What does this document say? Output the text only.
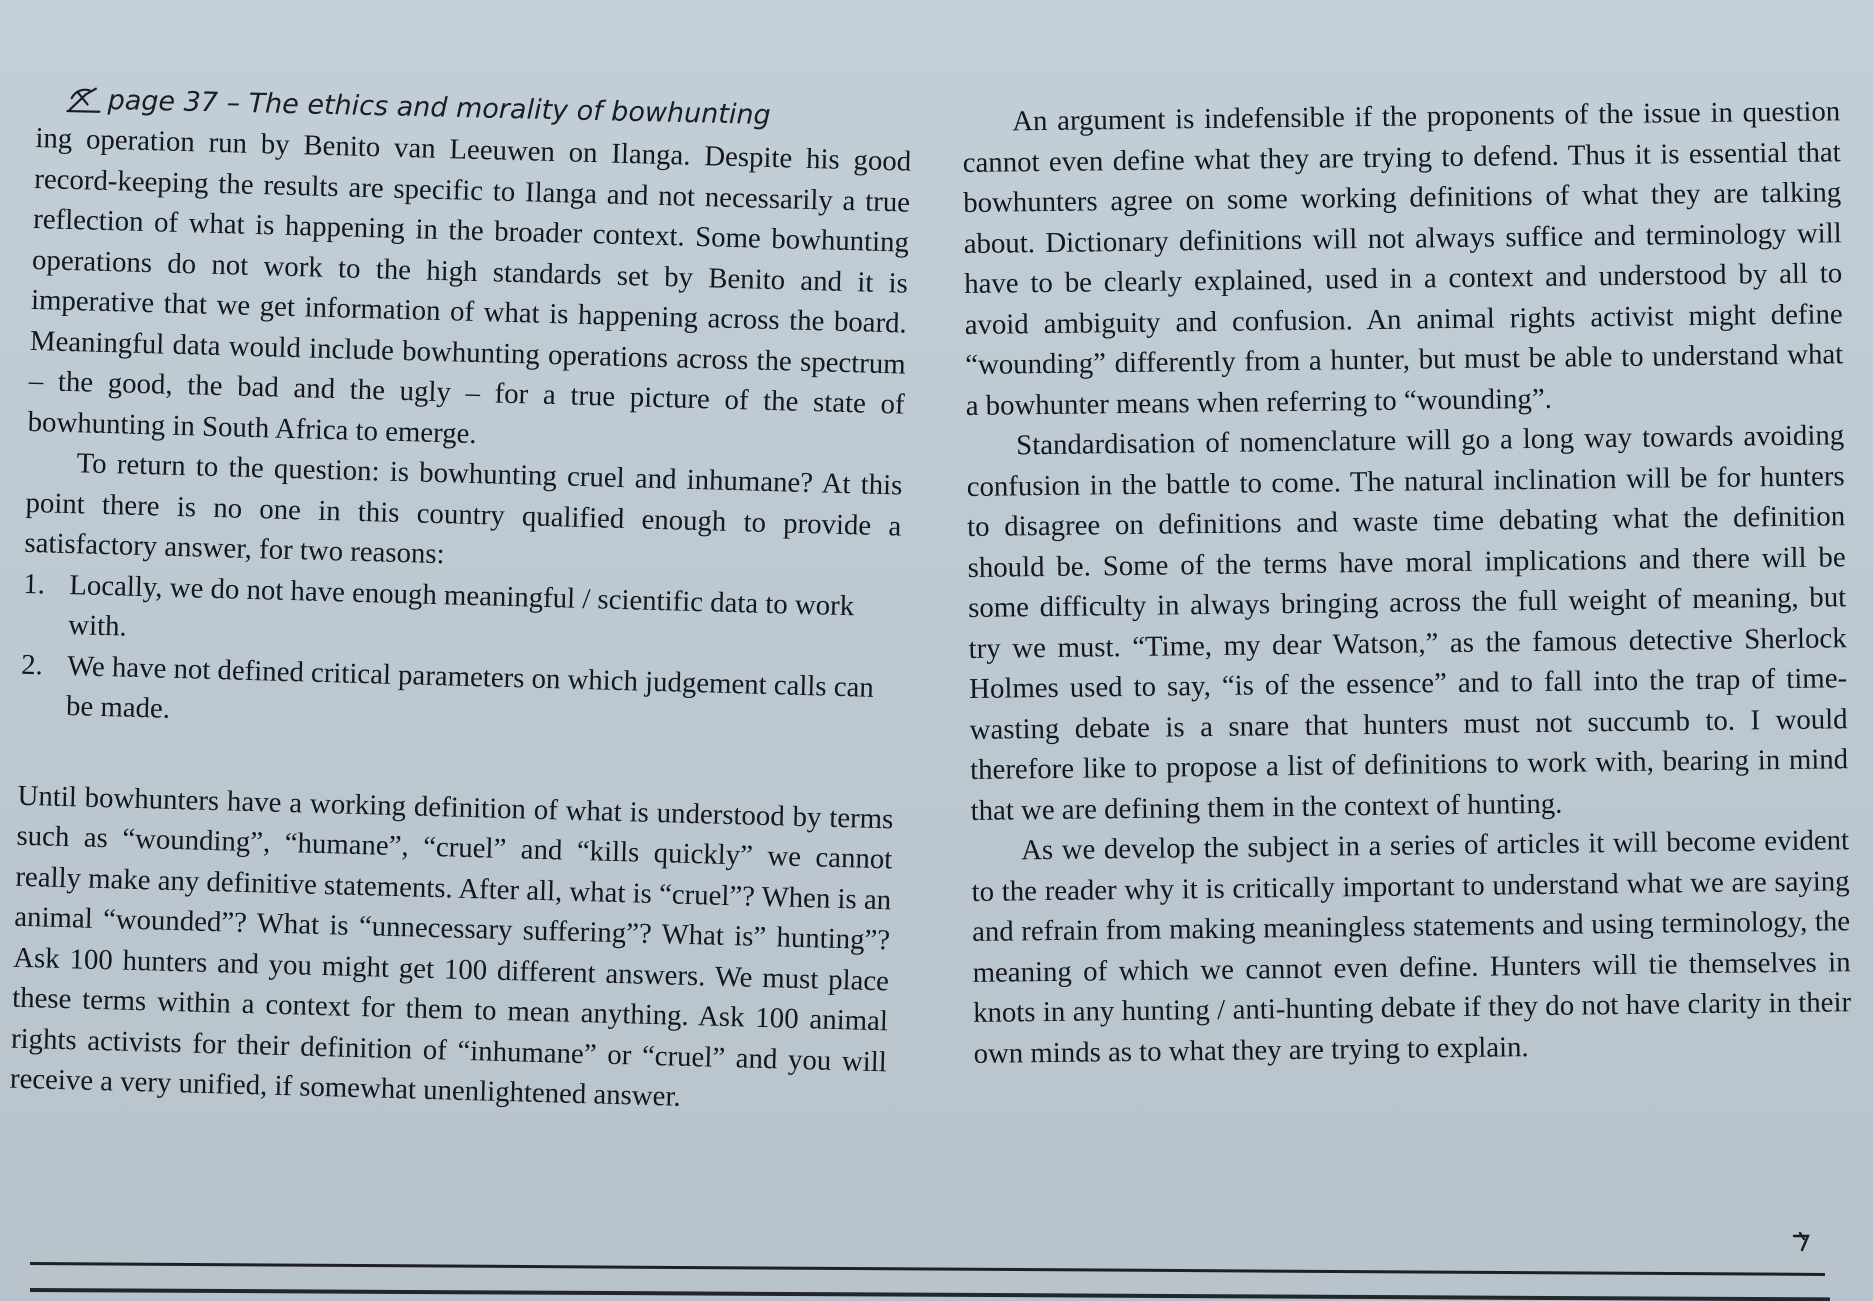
page 37 – The ethics and morality of bowhunting

ing operation run by Benito van Leeuwen on Ilanga. Despite his good record-keeping the results are specific to Ilanga and not necessarily a true reflection of what is happening in the broader context. Some bowhunting operations do not work to the high standards set by Benito and it is imperative that we get information of what is happening across the board. Meaningful data would include bowhunting operations across the spectrum – the good, the bad and the ugly – for a true picture of the state of bowhunting in South Africa to emerge.

To return to the question: is bowhunting cruel and inhumane? At this point there is no one in this country qualified enough to provide a satisfactory answer, for two reasons:

1. Locally, we do not have enough meaningful / scientific data to work with.
2. We have not defined critical parameters on which judgement calls can be made.

Until bowhunters have a working definition of what is understood by terms such as “wounding”, “humane”, “cruel” and “kills quickly” we cannot really make any definitive statements. After all, what is “cruel”? When is an animal “wounded”? What is “unnecessary suffering”? What is” hunting”? Ask 100 hunters and you might get 100 different answers. We must place these terms within a context for them to mean anything. Ask 100 animal rights activists for their definition of “inhumane” or “cruel” and you will receive a very unified, if somewhat unenlightened answer.

An argument is indefensible if the proponents of the issue in question cannot even define what they are trying to defend. Thus it is essential that bowhunters agree on some working definitions of what they are talking about. Dictionary definitions will not always suffice and terminology will have to be clearly explained, used in a context and understood by all to avoid ambiguity and confusion. An animal rights activist might define “wounding” differently from a hunter, but must be able to understand what a bowhunter means when referring to “wounding”.

Standardisation of nomenclature will go a long way towards avoiding confusion in the battle to come. The natural inclination will be for hunters to disagree on definitions and waste time debating what the definition should be. Some of the terms have moral implications and there will be some difficulty in always bringing across the full weight of meaning, but try we must. “Time, my dear Watson,” as the famous detective Sherlock Holmes used to say, “is of the essence” and to fall into the trap of time-wasting debate is a snare that hunters must not succumb to. I would therefore like to propose a list of definitions to work with, bearing in mind that we are defining them in the context of hunting.

As we develop the subject in a series of articles it will become evident to the reader why it is critically important to understand what we are saying and refrain from making meaningless statements and using terminology, the meaning of which we cannot even define. Hunters will tie themselves in knots in any hunting / anti-hunting debate if they do not have clarity in their own minds as to what they are trying to explain.
